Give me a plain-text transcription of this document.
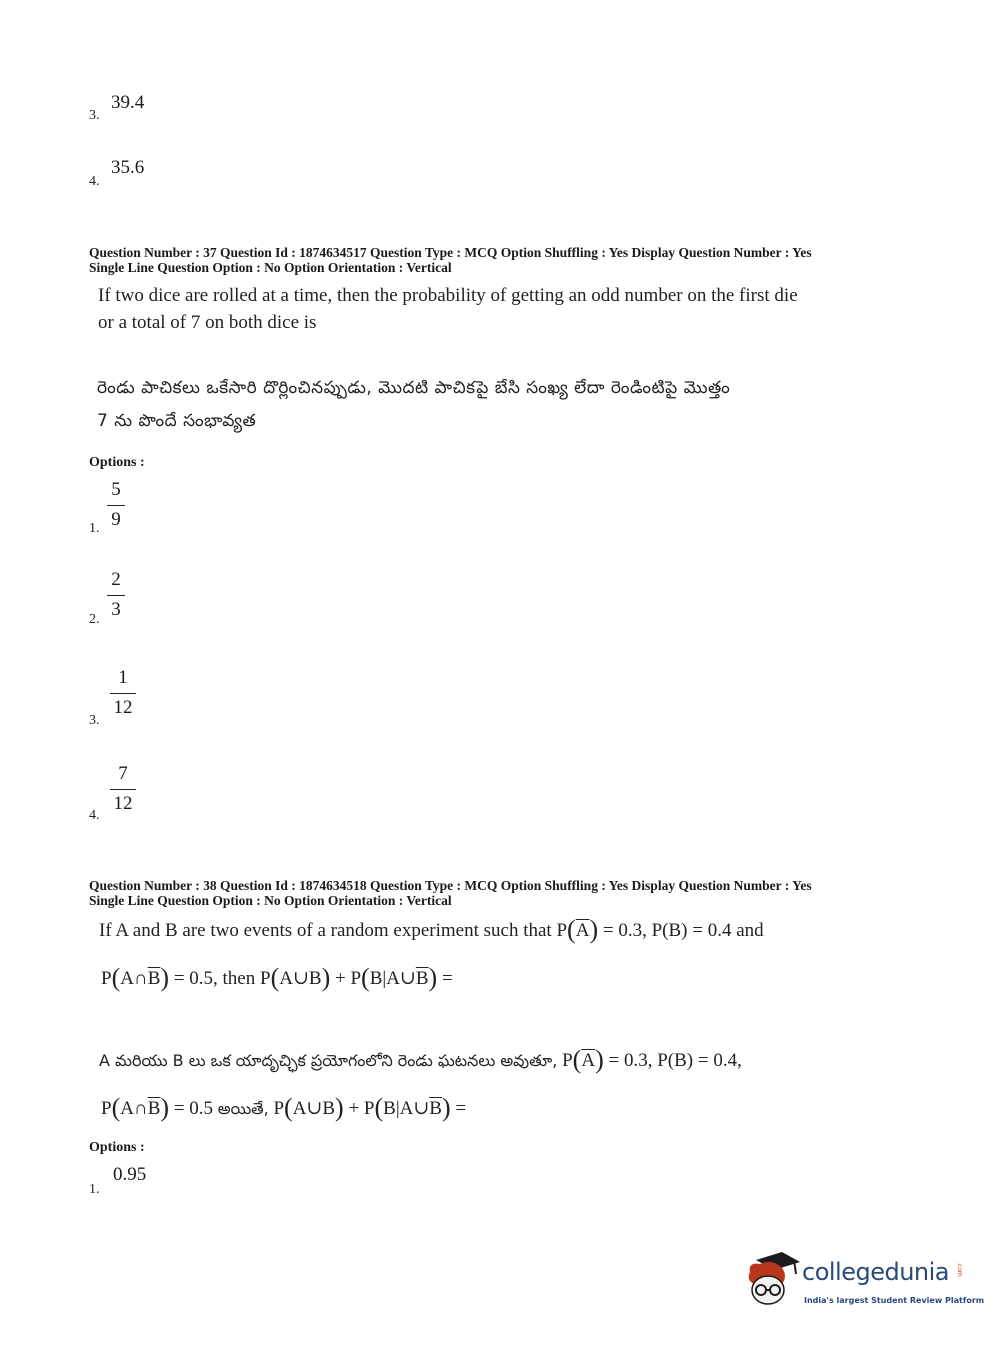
39.4
3.
35.6
4.
Question Number : 37 Question Id : 1874634517 Question Type : MCQ Option Shuffling : Yes Display Question Number : Yes
Single Line Question Option : No Option Orientation : Vertical
If two dice are rolled at a time, then the probability of getting an odd number on the first die
or a total of 7 on both dice is
రెండు పాచికలు ఒకేసారి దొర్లించినప్పుడు, మొదటి పాచికపై బేసి సంఖ్య లేదా రెండింటిపై మొత్తం
7 ను పొందే సంభావ్యత
Options :
5
9
1.
2
3
2.
1
12
3.
7
12
4.
Question Number : 38 Question Id : 1874634518 Question Type : MCQ Option Shuffling : Yes Display Question Number : Yes
Single Line Question Option : No Option Orientation : Vertical
If A and B are two events of a random experiment such that $P(\overline{A}) = 0.3$, P(B) = 0.4 and
$P(A\cap\overline{B}) = 0.5$, then P(A∪B) + $P(B|A\cup\overline{B})$ =
A మరియు B లు ఒక యాదృచ్ఛిక ప్రయోగంలోని రెండు ఘటనలు అవుతూ, $P(\overline{A}) = 0.3$, P(B) = 0.4,
$P(A\cap\overline{B}) = 0.5$ అయితే, P(A∪B) + $P(B|A\cup\overline{B})$ =
Options :
0.95
1.
collegedunia .com
India's largest Student Review Platform
